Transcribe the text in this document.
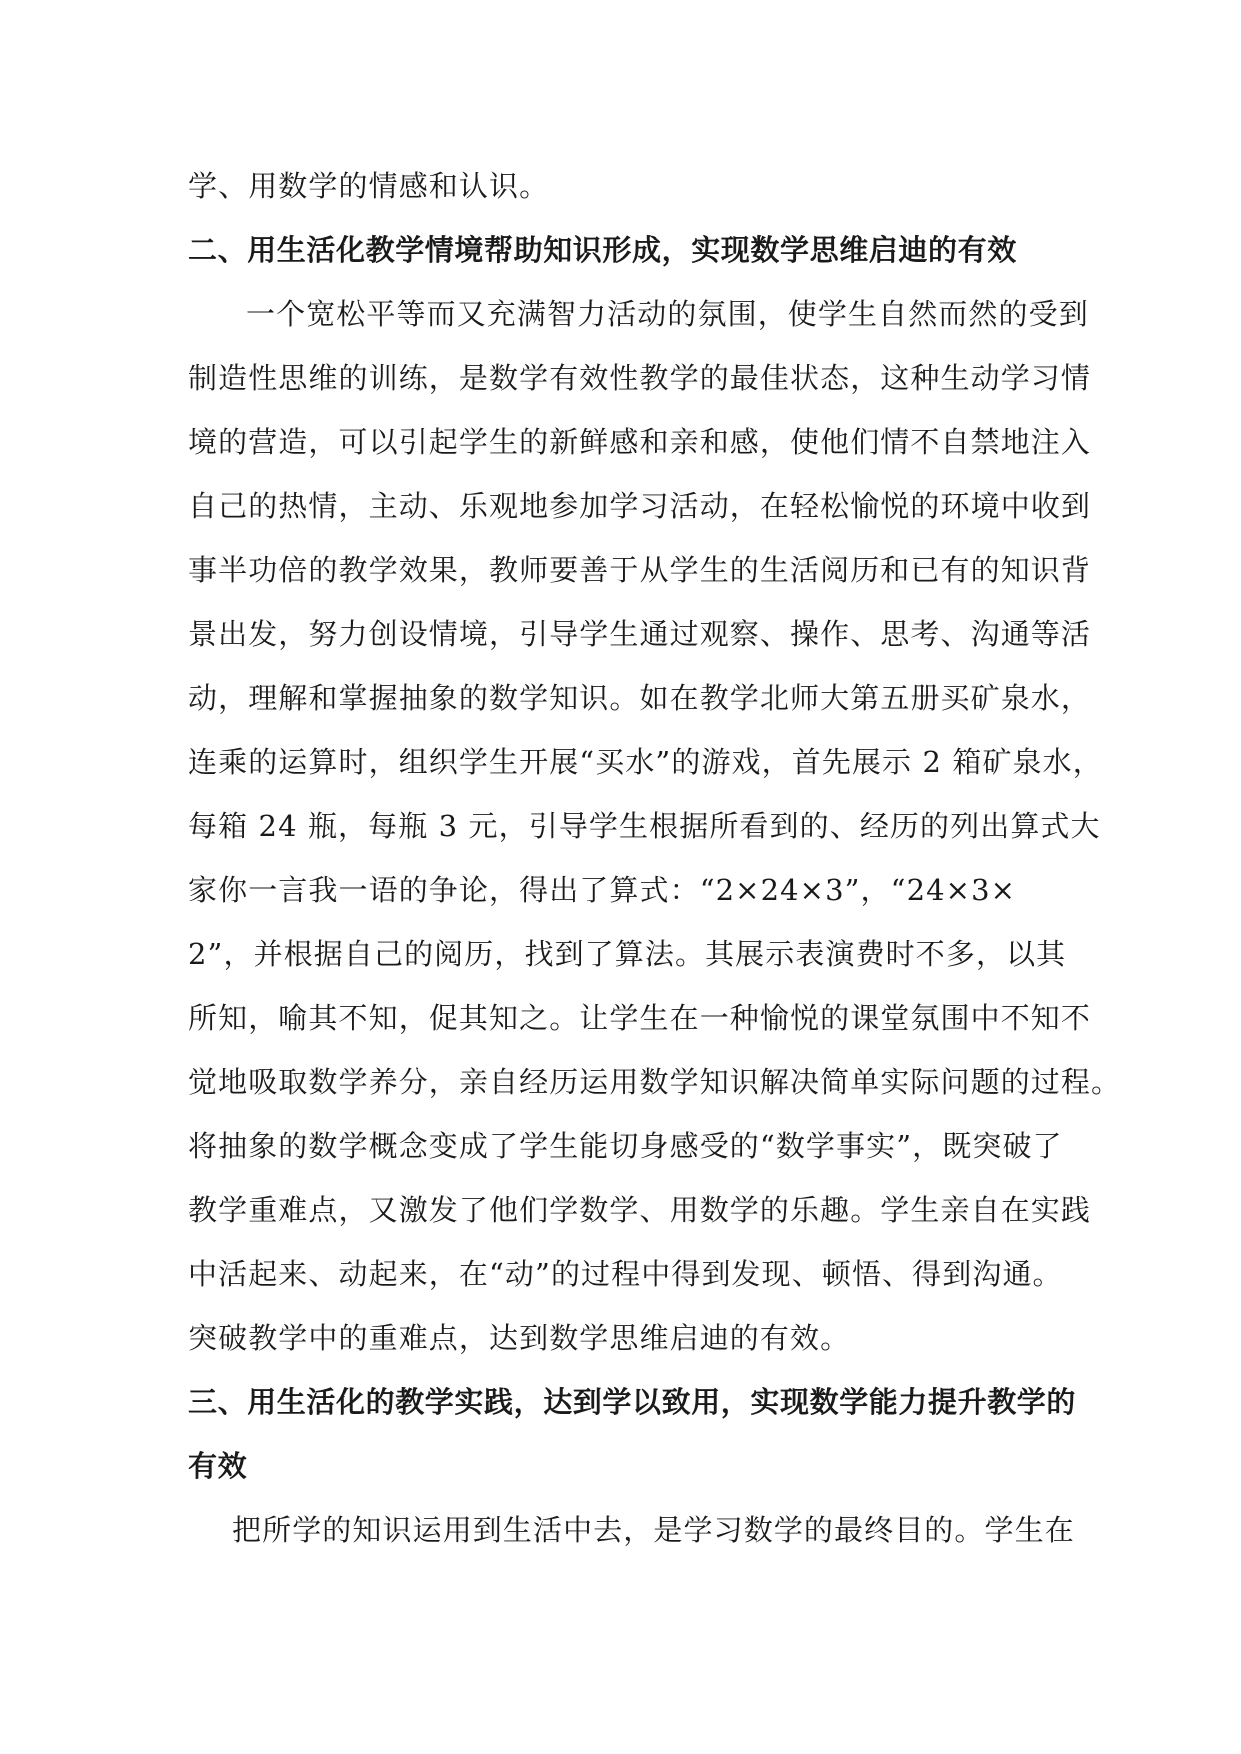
学、用数学的情感和认识。
二、用生活化教学情境帮助知识形成，实现数学思维启迪的有效
一个宽松平等而又充满智力活动的氛围，使学生自然而然的受到
制造性思维的训练，是数学有效性教学的最佳状态，这种生动学习情
境的营造，可以引起学生的新鲜感和亲和感，使他们情不自禁地注入
自己的热情，主动、乐观地参加学习活动，在轻松愉悦的环境中收到
事半功倍的教学效果，教师要善于从学生的生活阅历和已有的知识背
景出发，努力创设情境，引导学生通过观察、操作、思考、沟通等活
动，理解和掌握抽象的数学知识。如在教学北师大第五册买矿泉水，
连乘的运算时，组织学生开展“买水”的游戏，首先展示 2 箱矿泉水，
每箱 24 瓶，每瓶 3 元，引导学生根据所看到的、经历的列出算式大
家你一言我一语的争论，得出了算式：“2×24×3”，“24×3×
2”，并根据自己的阅历，找到了算法。其展示表演费时不多，以其
所知，喻其不知，促其知之。让学生在一种愉悦的课堂氛围中不知不
觉地吸取数学养分，亲自经历运用数学知识解决简单实际问题的过程。
将抽象的数学概念变成了学生能切身感受的“数学事实”，既突破了
教学重难点，又激发了他们学数学、用数学的乐趣。学生亲自在实践
中活起来、动起来，在“动”的过程中得到发现、顿悟、得到沟通。
突破教学中的重难点，达到数学思维启迪的有效。
三、用生活化的教学实践，达到学以致用，实现数学能力提升教学的
有效
把所学的知识运用到生活中去，是学习数学的最终目的。学生在
